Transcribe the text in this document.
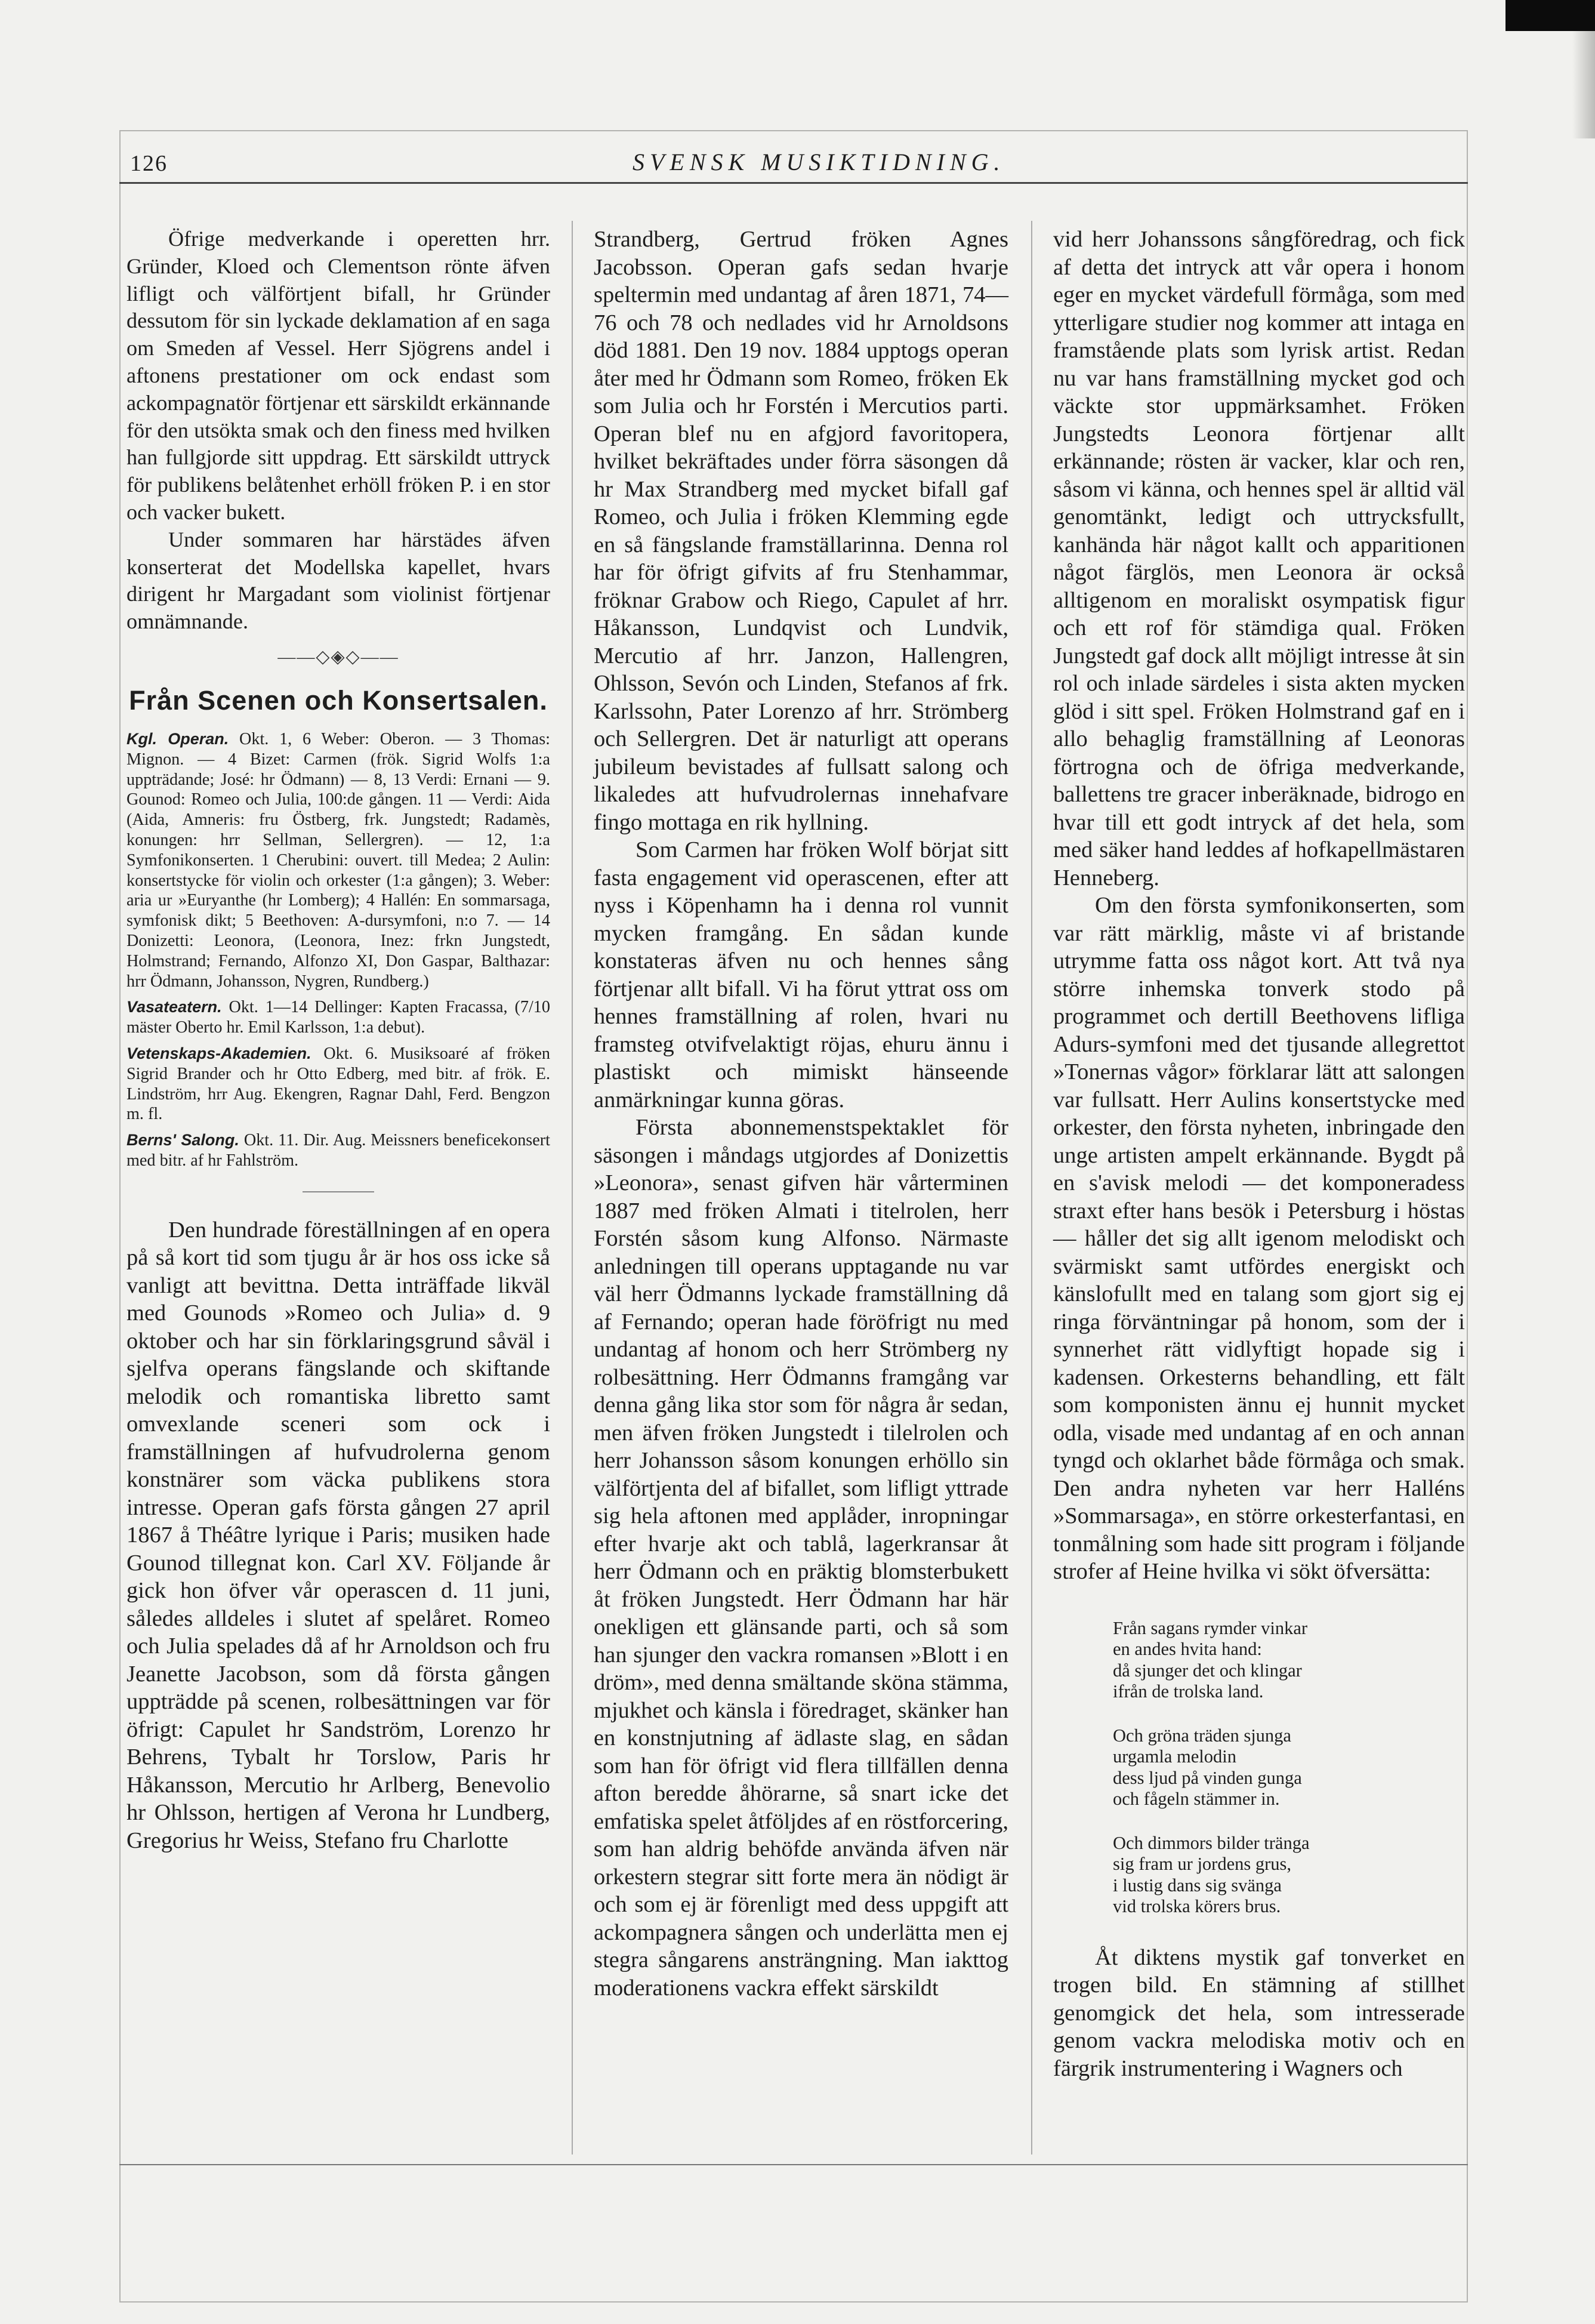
126	SVENSK MUSIKTIDNING.

Öfrige medverkande i operetten hrr. Gründer, Kloed och Clementson rönte äfven lifligt och välförtjent bifall, hr Gründer dessutom för sin lyckade deklamation af en saga om Smeden af Vessel. Herr Sjögrens andel i aftonens prestationer om ock endast som ackompagnatör förtjenar ett särskildt erkännande för den utsökta smak och den finess med hvilken han fullgjorde sitt uppdrag. Ett särskildt uttryck för publikens belåtenhet erhöll fröken P. i en stor och vacker bukett.

Under sommaren har härstädes äfven konserterat det Modellska kapellet, hvars dirigent hr Margadant som violinist förtjenar omnämnande.

——◇◈◇——
Från Scenen och Konsertsalen.
Kgl. Operan. Okt. 1, 6 Weber: Oberon. — 3 Thomas: Mignon. — 4 Bizet: Carmen (frök. Sigrid Wolfs 1:a uppträdande; José: hr Ödmann) — 8, 13 Verdi: Ernani — 9. Gounod: Romeo och Julia, 100:de gången. 11 — Verdi: Aida (Aida, Amneris: fru Östberg, frk. Jungstedt; Radamès, konungen: hrr Sellman, Sellergren). — 12, 1:a Symfonikonserten. 1 Cherubini: ouvert. till Medea; 2 Aulin: konsertstycke för violin och orkester (1:a gången); 3. Weber: aria ur »Euryanthe (hr Lomberg); 4 Hallén: En sommarsaga, symfonisk dikt; 5 Beethoven: A-dursymfoni, n:o 7. — 14 Donizetti: Leonora, (Leonora, Inez: frkn Jungstedt, Holmstrand; Fernando, Alfonzo XI, Don Gaspar, Balthazar: hrr Ödmann, Johansson, Nygren, Rundberg.)
Vasateatern. Okt. 1—14 Dellinger: Kapten Fracassa, (7/10 mäster Oberto hr. Emil Karlsson, 1:a debut).
Vetenskaps-Akademien. Okt. 6. Musiksoaré af fröken Sigrid Brander och hr Otto Edberg, med bitr. af frök. E. Lindström, hrr Aug. Ekengren, Ragnar Dahl, Ferd. Bengzon m. fl.
Berns' Salong. Okt. 11. Dir. Aug. Meissners beneficekonsert med bitr. af hr Fahlström.

Den hundrade föreställningen af en opera på så kort tid som tjugu år är hos oss icke så vanligt att bevittna. Detta inträffade likväl med Gounods »Romeo och Julia» d. 9 oktober och har sin förklaringsgrund såväl i sjelfva operans fängslande och skiftande melodik och romantiska libretto samt omvexlande sceneri som ock i framställningen af hufvudrolerna genom konstnärer som väcka publikens stora intresse. Operan gafs första gången 27 april 1867 å Théâtre lyrique i Paris; musiken hade Gounod tillegnat kon. Carl XV. Följande år gick hon öfver vår operascen d. 11 juni, således alldeles i slutet af spelåret. Romeo och Julia spelades då af hr Arnoldson och fru Jeanette Jacobson, som då första gången uppträdde på scenen, rolbesättningen var för öfrigt: Capulet hr Sandström, Lorenzo hr Behrens, Tybalt hr Torslow, Paris hr Håkansson, Mercutio hr Arlberg, Benevolio hr Ohlsson, hertigen af Verona hr Lundberg, Gregorius hr Weiss, Stefano fru Charlotte

Strandberg, Gertrud fröken Agnes Jacobsson. Operan gafs sedan hvarje speltermin med undantag af åren 1871, 74—76 och 78 och nedlades vid hr Arnoldsons död 1881. Den 19 nov. 1884 upptogs operan åter med hr Ödmann som Romeo, fröken Ek som Julia och hr Forstén i Mercutios parti. Operan blef nu en afgjord favoritopera, hvilket bekräftades under förra säsongen då hr Max Strandberg med mycket bifall gaf Romeo, och Julia i fröken Klemming egde en så fängslande framställarinna. Denna rol har för öfrigt gifvits af fru Stenhammar, fröknar Grabow och Riego, Capulet af hrr. Håkansson, Lundqvist och Lundvik, Mercutio af hrr. Janzon, Hallengren, Ohlsson, Sevón och Linden, Stefanos af frk. Karlssohn, Pater Lorenzo af hrr. Strömberg och Sellergren. Det är naturligt att operans jubileum bevistades af fullsatt salong och likaledes att hufvudrolernas innehafvare fingo mottaga en rik hyllning.

Som Carmen har fröken Wolf börjat sitt fasta engagement vid operascenen, efter att nyss i Köpenhamn ha i denna rol vunnit mycken framgång. En sådan kunde konstateras äfven nu och hennes sång förtjenar allt bifall. Vi ha förut yttrat oss om hennes framställning af rolen, hvari nu framsteg otvifvelaktigt röjas, ehuru ännu i plastiskt och mimiskt hänseende anmärkningar kunna göras.

Första abonnemenstspektaklet för säsongen i måndags utgjordes af Donizettis »Leonora», senast gifven här vårterminen 1887 med fröken Almati i titelrolen, herr Forstén såsom kung Alfonso. Närmaste anledningen till operans upptagande nu var väl herr Ödmanns lyckade framställning då af Fernando; operan hade föröfrigt nu med undantag af honom och herr Strömberg ny rolbesättning. Herr Ödmanns framgång var denna gång lika stor som för några år sedan, men äfven fröken Jungstedt i tilelrolen och herr Johansson såsom konungen erhöllo sin välförtjenta del af bifallet, som lifligt yttrade sig hela aftonen med applåder, inropningar efter hvarje akt och tablå, lagerkransar åt herr Ödmann och en präktig blomsterbukett åt fröken Jungstedt. Herr Ödmann har här onekligen ett glänsande parti, och så som han sjunger den vackra romansen »Blott i en dröm», med denna smältande sköna stämma, mjukhet och känsla i föredraget, skänker han en konstnjutning af ädlaste slag, en sådan som han för öfrigt vid flera tillfällen denna afton beredde åhörarne, så snart icke det emfatiska spelet åtföljdes af en röstforcering, som han aldrig behöfde använda äfven när orkestern stegrar sitt forte mera än nödigt är och som ej är förenligt med dess uppgift att ackompagnera sången och underlätta men ej stegra sångarens ansträngning. Man iakttog moderationens vackra effekt särskildt

vid herr Johanssons sångföredrag, och fick af detta det intryck att vår opera i honom eger en mycket värdefull förmåga, som med ytterligare studier nog kommer att intaga en framstående plats som lyrisk artist. Redan nu var hans framställning mycket god och väckte stor uppmärksamhet. Fröken Jungstedts Leonora förtjenar allt erkännande; rösten är vacker, klar och ren, såsom vi känna, och hennes spel är alltid väl genomtänkt, ledigt och uttrycksfullt, kanhända här något kallt och apparitionen något färglös, men Leonora är också alltigenom en moraliskt osympatisk figur och ett rof för stämdiga qual. Fröken Jungstedt gaf dock allt möjligt intresse åt sin rol och inlade särdeles i sista akten mycken glöd i sitt spel. Fröken Holmstrand gaf en i allo behaglig framställning af Leonoras förtrogna och de öfriga medverkande, ballettens tre gracer inberäknade, bidrogo en hvar till ett godt intryck af det hela, som med säker hand leddes af hofkapellmästaren Henneberg.

Om den första symfonikonserten, som var rätt märklig, måste vi af bristande utrymme fatta oss något kort. Att två nya större inhemska tonverk stodo på programmet och dertill Beethovens lifliga Adurs-symfoni med det tjusande allegrettot »Tonernas vågor» förklarar lätt att salongen var fullsatt. Herr Aulins konsertstycke med orkester, den första nyheten, inbringade den unge artisten ampelt erkännande. Bygdt på en s'avisk melodi — det komponeradess straxt efter hans besök i Petersburg i höstas — håller det sig allt igenom melodiskt och svärmiskt samt utfördes energiskt och känslofullt med en talang som gjort sig ej ringa förväntningar på honom, som der i synnerhet rätt vidlyftigt hopade sig i kadensen. Orkesterns behandling, ett fält som komponisten ännu ej hunnit mycket odla, visade med undantag af en och annan tyngd och oklarhet både förmåga och smak. Den andra nyheten var herr Halléns »Sommarsaga», en större orkesterfantasi, en tonmålning som hade sitt program i följande strofer af Heine hvilka vi sökt öfversätta:

Från sagans rymder vinkar
en andes hvita hand:
då sjunger det och klingar
ifrån de trolska land.
Och gröna träden sjunga
urgamla melodin
dess ljud på vinden gunga
och fågeln stämmer in.
Och dimmors bilder tränga
sig fram ur jordens grus,
i lustig dans sig svänga
vid trolska körers brus.

Åt diktens mystik gaf tonverket en trogen bild. En stämning af stillhet genomgick det hela, som intresserade genom vackra melodiska motiv och en färgrik instrumentering i Wagners och
